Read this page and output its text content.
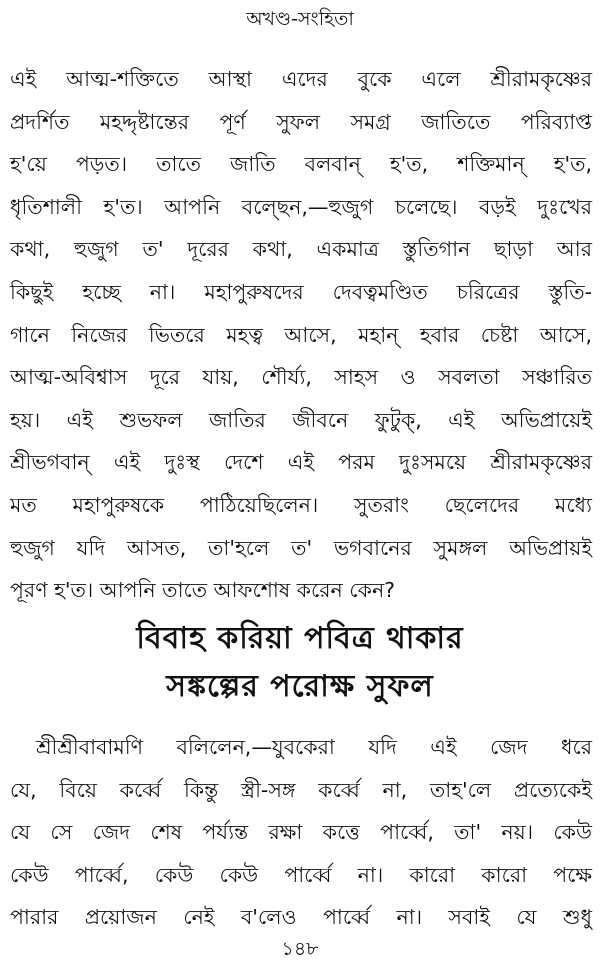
অখণ্ড-সংহিতা

এই আত্ম-শক্তিতে আস্থা এদের বুকে এলে শ্রীরামকৃষ্ণের
প্রদর্শিত মহদ্দৃষ্টান্তের পূর্ণ সুফল সমগ্র জাতিতে পরিব্যাপ্ত
হ'য়ে পড়ত। তাতে জাতি বলবান্ হ'ত, শক্তিমান্ হ'ত,
ধৃতিশালী হ'ত। আপনি বল্ছেন,—হুজুগ চলেছে। বড়ই দুঃখের
কথা, হুজুগ ত' দূরের কথা, একমাত্র স্তুতিগান ছাড়া আর
কিছুই হচ্ছে না। মহাপুরুষদের দেবত্বমণ্ডিত চরিত্রের স্তুতি-
গানে নিজের ভিতরে মহত্ব আসে, মহান্ হবার চেষ্টা আসে,
আত্ম-অবিশ্বাস দূরে যায়, শৌর্য্য, সাহস ও সবলতা সঞ্চারিত
হয়। এই শুভফল জাতির জীবনে ফুটুক্, এই অভিপ্রায়েই
শ্রীভগবান্ এই দুঃস্থ দেশে এই পরম দুঃসময়ে শ্রীরামকৃষ্ণের
মত মহাপুরুষকে পাঠিয়েছিলেন। সুতরাং ছেলেদের মধ্যে
হুজুগ যদি আসত, তা'হলে ত' ভগবানের সুমঙ্গল অভিপ্রায়ই
পূরণ হ'ত। আপনি তাতে আফশোষ করেন কেন?

বিবাহ করিয়া পবিত্র থাকার
সঙ্কল্পের পরোক্ষ সুফল

শ্রীশ্রীবাবামণি বলিলেন,—যুবকেরা যদি এই জেদ ধরে
যে, বিয়ে কর্ব্বে কিন্তু স্ত্রী-সঙ্গ কর্ব্বে না, তাহ'লে প্রত্যেকেই
যে সে জেদ শেষ পর্য্যন্ত রক্ষা কত্তে পার্ব্বে, তা' নয়। কেউ
কেউ পার্ব্বে, কেউ কেউ পার্ব্বে না। কারো কারো পক্ষে
পারার প্রয়োজন নেই ব'লেও পার্ব্বে না। সবাই যে শুধু

১৪৮
